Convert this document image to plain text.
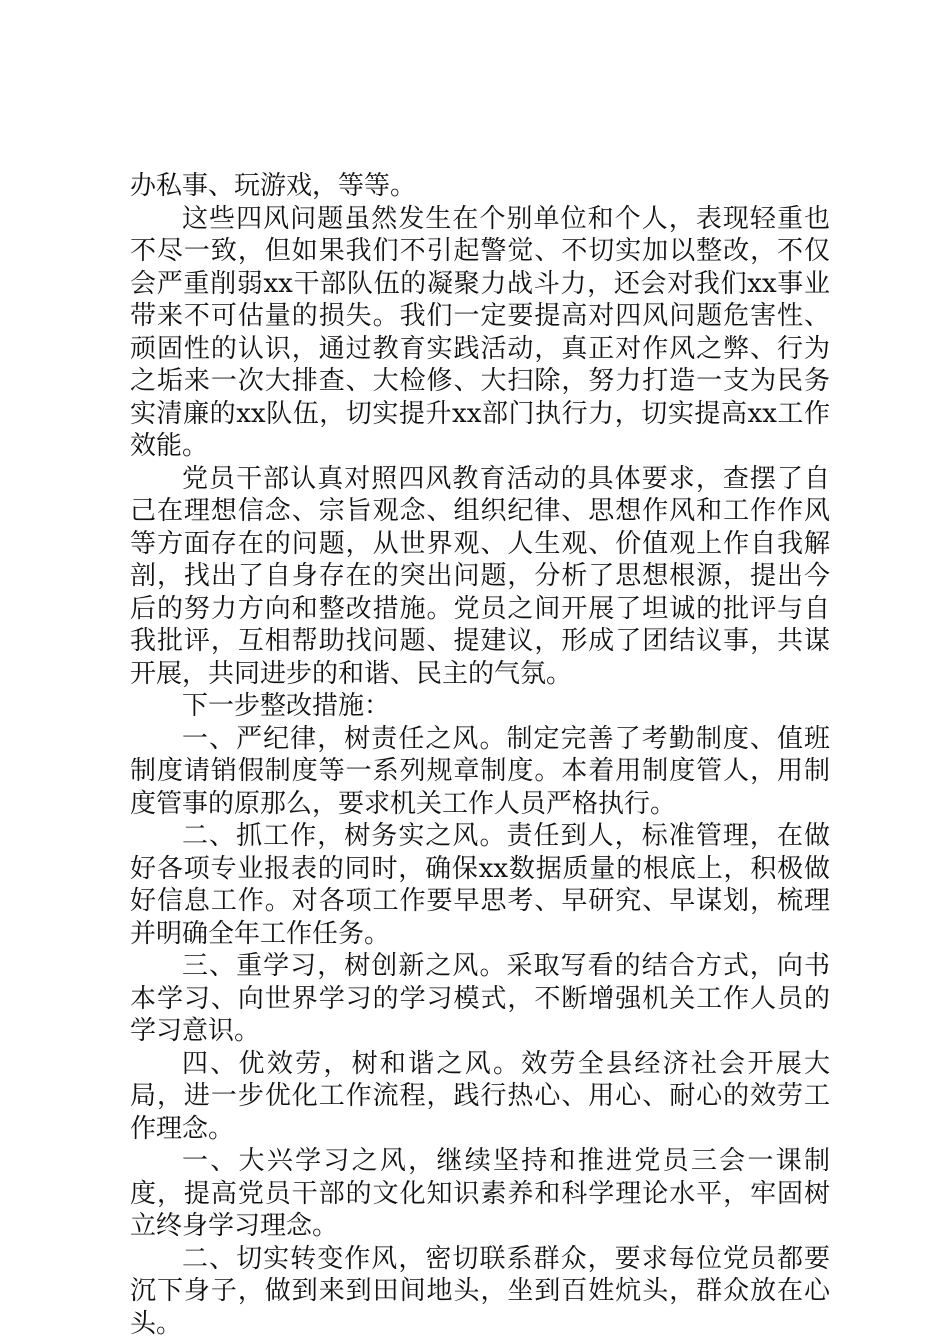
办私事、玩游戏，等等。

这些四风问题虽然发生在个别单位和个人，表现轻重也不尽一致，但如果我们不引起警觉、不切实加以整改，不仅会严重削弱xx干部队伍的凝聚力战斗力，还会对我们xx事业带来不可估量的损失。我们一定要提高对四风问题危害性、顽固性的认识，通过教育实践活动，真正对作风之弊、行为之垢来一次大排查、大检修、大扫除，努力打造一支为民务实清廉的xx队伍，切实提升xx部门执行力，切实提高xx工作效能。

党员干部认真对照四风教育活动的具体要求，查摆了自己在理想信念、宗旨观念、组织纪律、思想作风和工作作风等方面存在的问题，从世界观、人生观、价值观上作自我解剖，找出了自身存在的突出问题，分析了思想根源，提出今后的努力方向和整改措施。党员之间开展了坦诚的批评与自我批评，互相帮助找问题、提建议，形成了团结议事，共谋开展，共同进步的和谐、民主的气氛。

下一步整改措施：

一、严纪律，树责任之风。制定完善了考勤制度、值班制度请销假制度等一系列规章制度。本着用制度管人，用制度管事的原那么，要求机关工作人员严格执行。

二、抓工作，树务实之风。责任到人，标准管理，在做好各项专业报表的同时，确保xx数据质量的根底上，积极做好信息工作。对各项工作要早思考、早研究、早谋划，梳理并明确全年工作任务。

三、重学习，树创新之风。采取写看的结合方式，向书本学习、向世界学习的学习模式，不断增强机关工作人员的学习意识。

四、优效劳，树和谐之风。效劳全县经济社会开展大局，进一步优化工作流程，践行热心、用心、耐心的效劳工作理念。

一、大兴学习之风，继续坚持和推进党员三会一课制度，提高党员干部的文化知识素养和科学理论水平，牢固树立终身学习理念。

二、切实转变作风，密切联系群众，要求每位党员都要沉下身子，做到来到田间地头，坐到百姓炕头，群众放在心头。
